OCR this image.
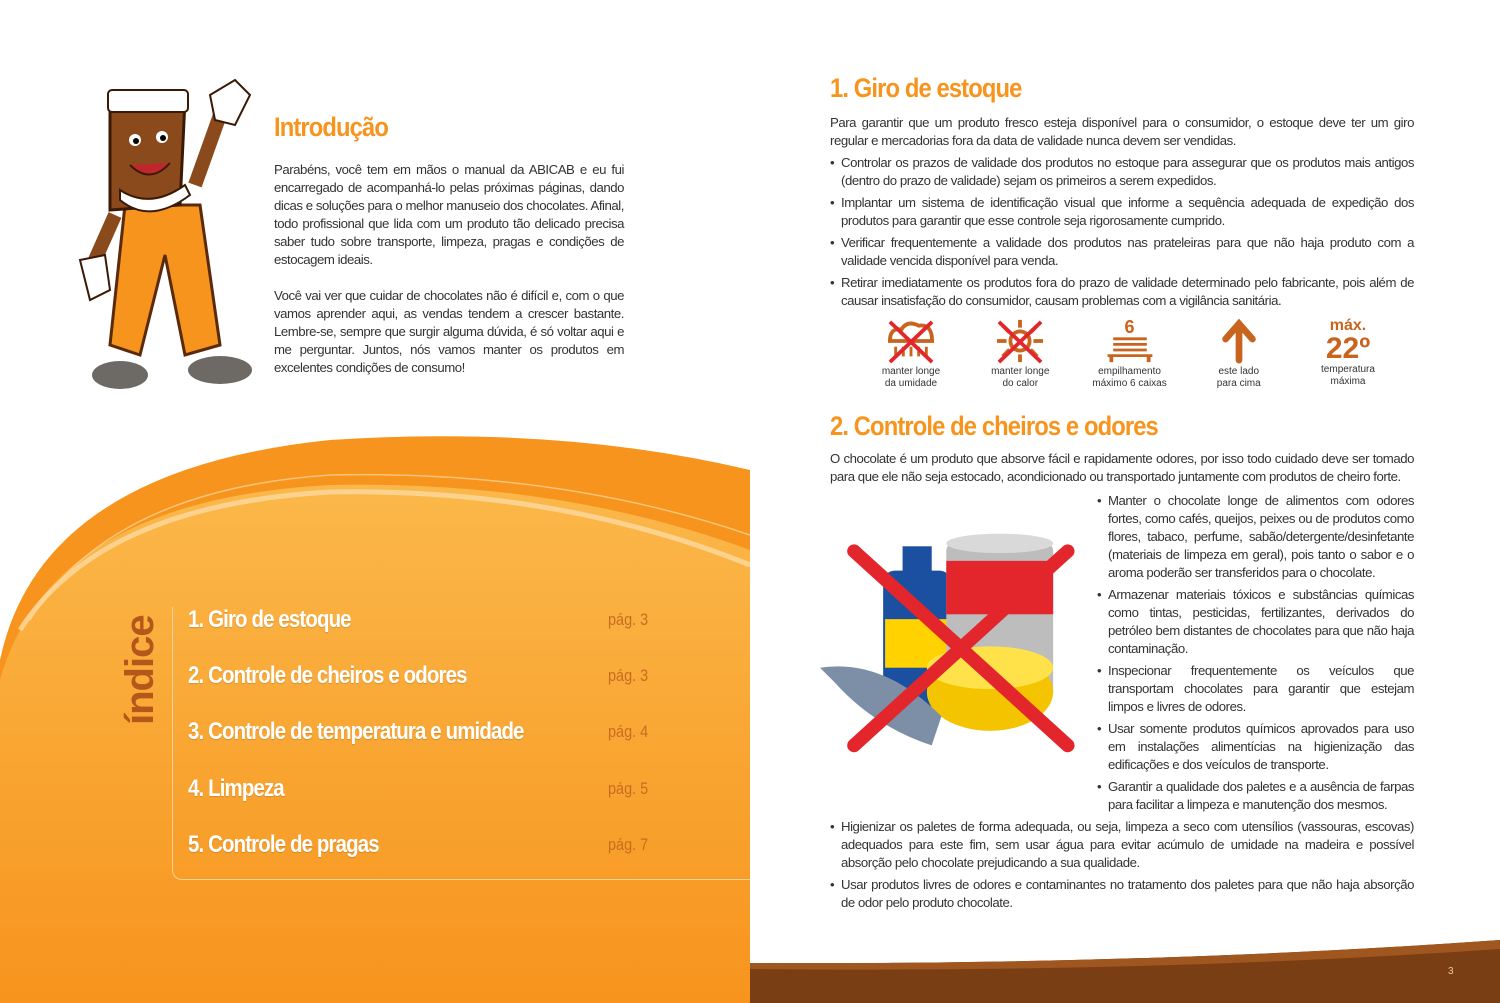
Introdução

Parabéns, você tem em mãos o manual da ABICAB e eu fui encarregado de acompanhá-lo pelas próximas páginas, dando dicas e soluções para o melhor manuseio dos chocolates. Afinal, todo profissional que lida com um produto tão delicado precisa saber tudo sobre transporte, limpeza, pragas e condições de estocagem ideais.

Você vai ver que cuidar de chocolates não é difícil e, com o que vamos aprender aqui, as vendas tendem a crescer bastante. Lembre-se, sempre que surgir alguma dúvida, é só voltar aqui e me perguntar. Juntos, nós vamos manter os produtos em excelentes condições de consumo!

índice 1. Giro de estoque	pág. 3
2. Controle de cheiros e odores	pág. 3
3. Controle de temperatura e umidade	pág. 4
4. Limpeza	pág. 5
5. Controle de pragas	pág. 7
1. Giro de estoque

Para garantir que um produto fresco esteja disponível para o consumidor, o estoque deve ter um giro regular e mercadorias fora da data de validade nunca devem ser vendidas.

• Controlar os prazos de validade dos produtos no estoque para assegurar que os produtos mais antigos (dentro do prazo de validade) sejam os primeiros a serem expedidos.
• Implantar um sistema de identificação visual que informe a sequência adequada de expedição dos produtos para garantir que esse controle seja rigorosamente cumprido.
• Verificar frequentemente a validade dos produtos nas prateleiras para que não haja produto com a validade vencida disponível para venda.
• Retirar imediatamente os produtos fora do prazo de validade determinado pelo fabricante, pois além de causar insatisfação do consumidor, causam problemas com a vigilância sanitária.
manter longe
da umidade
manter longe
do calor
6
empilhamento
máximo 6 caixas
este lado
para cima
máx.
22º
temperatura
máxima
2. Controle de cheiros e odores

O chocolate é um produto que absorve fácil e rapidamente odores, por isso todo cuidado deve ser tomado para que ele não seja estocado, acondicionado ou transportado juntamente com produtos de cheiro forte.

• Manter o chocolate longe de alimentos com odores fortes, como cafés, queijos, peixes ou de produtos como flores, tabaco, perfume, sabão/detergente/desinfetante (materiais de limpeza em geral), pois tanto o sabor e o aroma poderão ser transferidos para o chocolate.
• Armazenar materiais tóxicos e substâncias químicas como tintas, pesticidas, fertilizantes, derivados do petróleo bem distantes de chocolates para que não haja contaminação.
• Inspecionar frequentemente os veículos que transportam chocolates para garantir que estejam limpos e livres de odores.
• Usar somente produtos químicos aprovados para uso em instalações alimentícias na higienização das edificações e dos veículos de transporte.
• Garantir a qualidade dos paletes e a ausência de farpas para facilitar a limpeza e manutenção dos mesmos.
• Higienizar os paletes de forma adequada, ou seja, limpeza a seco com utensílios (vassouras, escovas) adequados para este fim, sem usar água para evitar acúmulo de umidade na madeira e possível absorção pelo chocolate prejudicando a sua qualidade.
• Usar produtos livres de odores e contaminantes no tratamento dos paletes para que não haja absorção de odor pelo produto chocolate.
3
